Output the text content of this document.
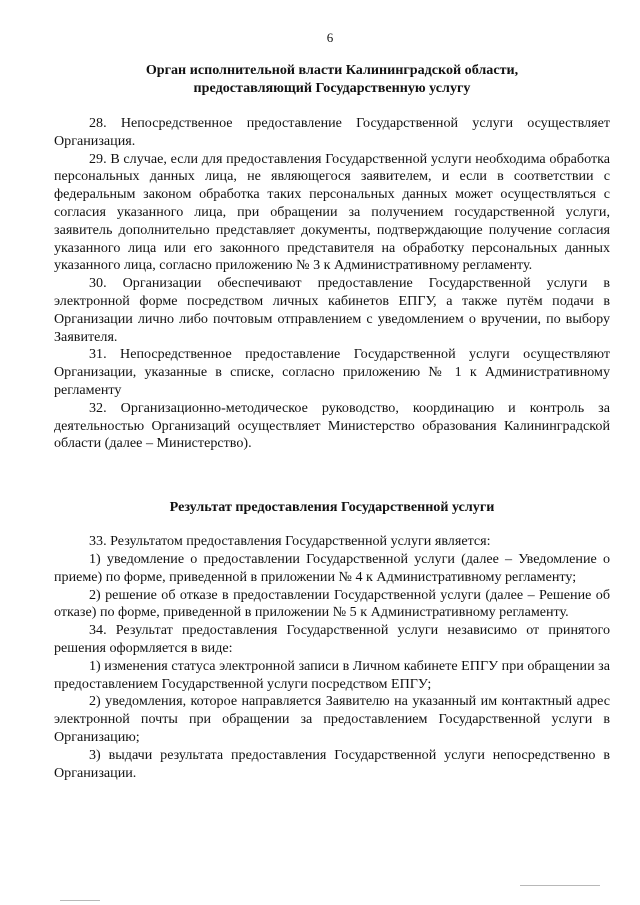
6
Орган исполнительной власти Калининградской области,
предоставляющий Государственную услугу

28. Непосредственное предоставление Государственной услуги осуществляет Организация.

29. В случае, если для предоставления Государственной услуги необходима обработка персональных данных лица, не являющегося заявителем, и если в соответствии с федеральным законом обработка таких персональных данных может осуществляться с согласия указанного лица, при обращении за получением государственной услуги, заявитель дополнительно представляет документы, подтверждающие получение согласия указанного лица или его законного представителя на обработку персональных данных указанного лица, согласно приложению № 3 к Административному регламенту.

30. Организации обеспечивают предоставление Государственной услуги в электронной форме посредством личных кабинетов ЕПГУ, а также путём подачи в Организации лично либо почтовым отправлением с уведомлением о вручении, по выбору Заявителя.

31. Непосредственное предоставление Государственной услуги осуществляют Организации, указанные в списке, согласно приложению № 1 к Административному регламенту

32. Организационно-методическое руководство, координацию и контроль за деятельностью Организаций осуществляет Министерство образования Калининградской области (далее – Министерство).

Результат предоставления Государственной услуги

33. Результатом предоставления Государственной услуги является:

1) уведомление о предоставлении Государственной услуги (далее – Уведомление о приеме) по форме, приведенной в приложении № 4 к Административному регламенту;

2) решение об отказе в предоставлении Государственной услуги (далее – Решение об отказе) по форме, приведенной в приложении № 5 к Административному регламенту.

34. Результат предоставления Государственной услуги независимо от принятого решения оформляется в виде:

1) изменения статуса электронной записи в Личном кабинете ЕПГУ при обращении за предоставлением Государственной услуги посредством ЕПГУ;

2) уведомления, которое направляется Заявителю на указанный им контактный адрес электронной почты при обращении за предоставлением Государственной услуги в Организацию;

3) выдачи результата предоставления Государственной услуги непосредственно в Организации.
